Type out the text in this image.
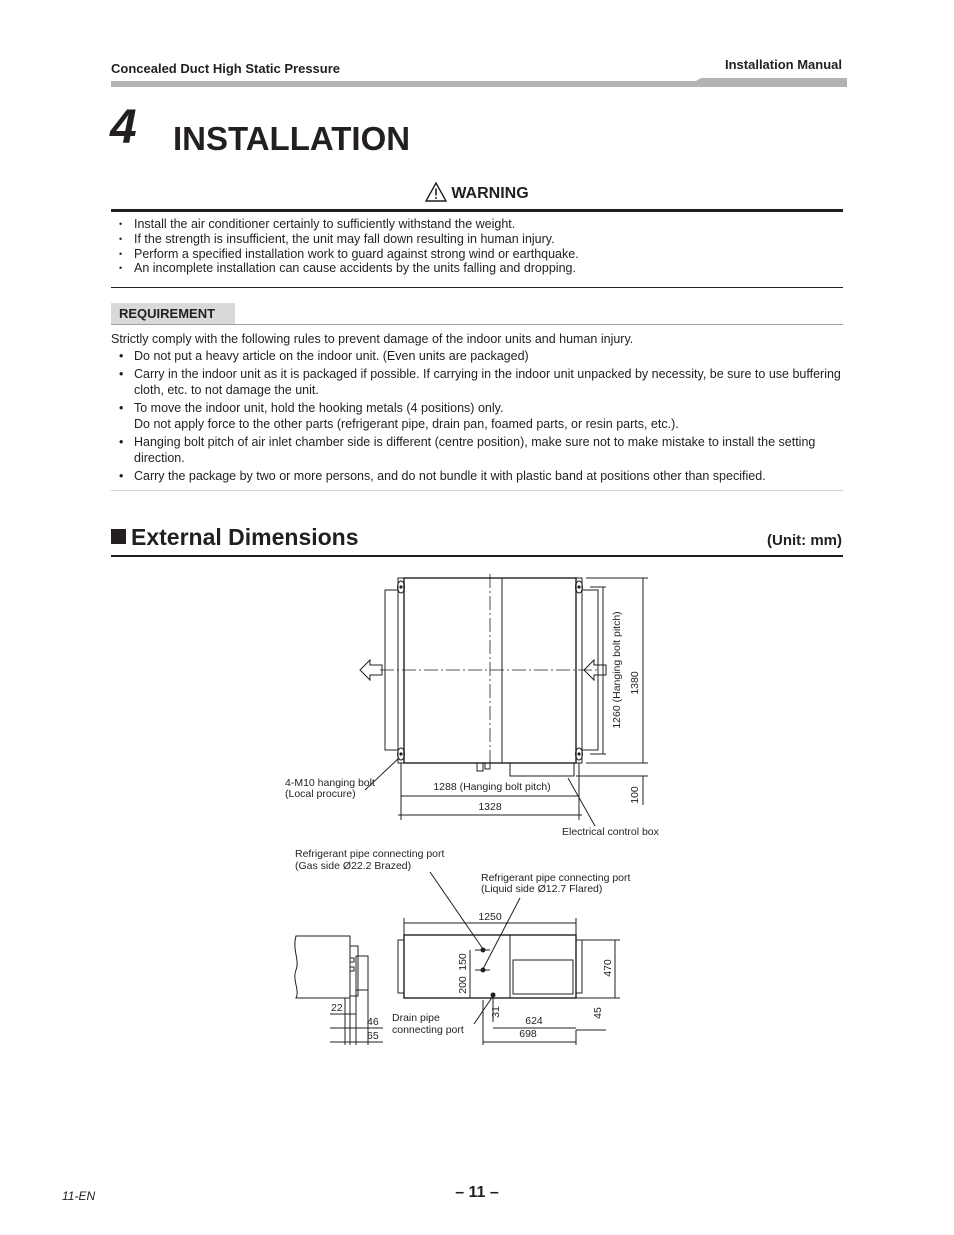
Concealed Duct High Static Pressure	Installation Manual
4 INSTALLATION
WARNING
• Install the air conditioner certainly to sufficiently withstand the weight.
• If the strength is insufficient, the unit may fall down resulting in human injury.
• Perform a specified installation work to guard against strong wind or earthquake.
• An incomplete installation can cause accidents by the units falling and dropping.
REQUIREMENT
Strictly comply with the following rules to prevent damage of the indoor units and human injury.
• Do not put a heavy article on the indoor unit. (Even units are packaged)
• Carry in the indoor unit as it is packaged if possible. If carrying in the indoor unit unpacked by necessity, be sure to use buffering cloth, etc. to not damage the unit.
• To move the indoor unit, hold the hooking metals (4 positions) only.
Do not apply force to the other parts (refrigerant pipe, drain pan, foamed parts, or resin parts, etc.).
• Hanging bolt pitch of air inlet chamber side is different (centre position), make sure not to make mistake to install the setting direction.
• Carry the package by two or more persons, and do not bundle it with plastic band at positions other than specified.
External Dimensions	(Unit: mm)
1380
1260 (Hanging bolt pitch)
100
1288 (Hanging bolt pitch)
1328
4-M10 hanging bolt
(Local procure)
Electrical control box
1250
470
150
200
45
31
624
698
22
46
65
Refrigerant pipe connecting port
(Gas side Ø22.2 Brazed)
Refrigerant pipe connecting port
(Liquid side Ø12.7 Flared)
Drain pipe
connecting port
11-EN	– 11 –
